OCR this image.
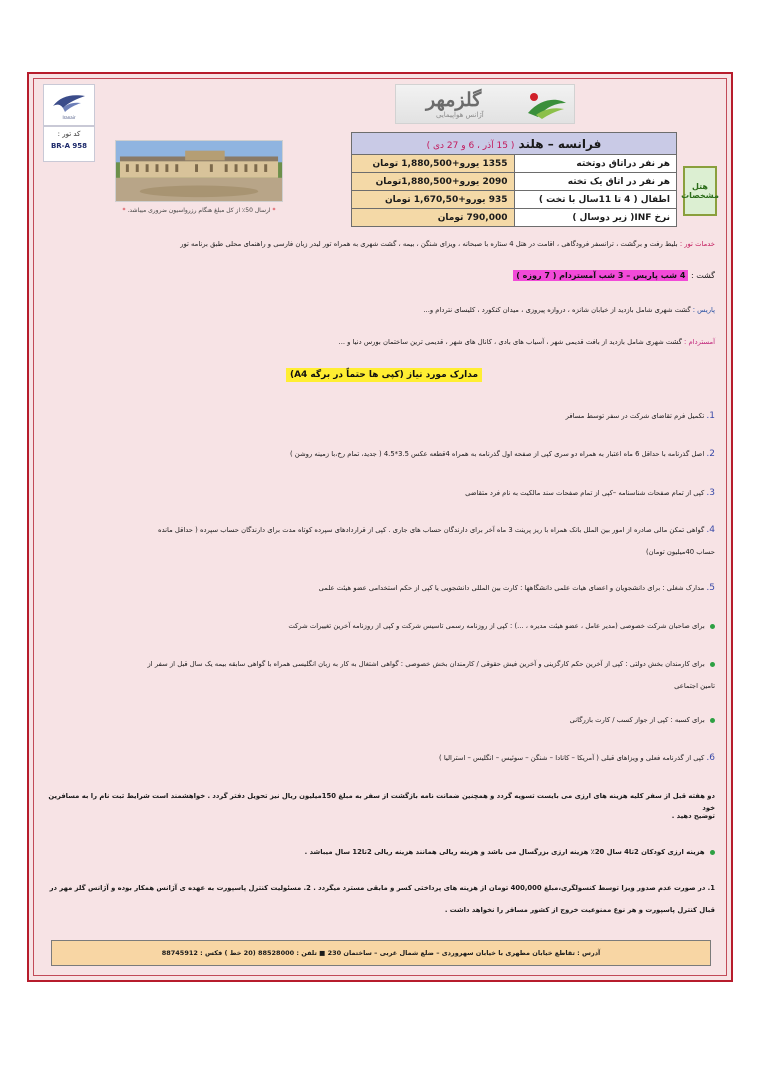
Iranair
کد تور :
BR-A 958
گلزمهر
آژانس هواپیمایی
* ارسال 50٪ از کل مبلغ هنگام رزرواسیون ضروری میباشد. *
فرانسه – هلند ( 15 آذر ، 6 و 27 دی )	
هر نفر دراتاق دوتخته	1355 یورو+1,880,500 تومان
هر نفر در اتاق یک تخته	2090 یورو+1,880,500تومان
اطفال ( 4 تا 11سال با تخت )	935 یورو+1,670,50 تومان
نرخ INF( زیر دوسال )	790,000 تومان
هتل
مشخصات
خدمات تور : بلیط رفت و برگشت ، ترانسفر فرودگاهی ، اقامت در هتل 4 ستاره با صبحانه ، ویزای شنگن ، بیمه ، گشت شهری به همراه تور لیدر زبان فارسی و راهنمای محلی طبق برنامه تور
گشت : 4 شب پاریس – 3 شب آمستردام ( 7 روزه )
پاریس : گشت شهری شامل بازدید از خیابان شانزه ، دروازه پیروزی ، میدان کنکورد ، کلیسای نتردام و...
آمستردام : گشت شهری شامل بازدید از بافت قدیمی شهر ، آسیاب های بادی ، کانال های شهر ، قدیمی ترین ساختمان بورس دنیا و ...
مدارک مورد نیاز (کپی ها حتماً در برگه A4)
1. تکمیل فرم تقاضای شرکت در سفر توسط مسافر
2. اصل گذرنامه با حداقل 6 ماه اعتبار به همراه دو سری کپی از صفحه اول گذرنامه به همراه 4قطعه عکس 3.5*4.5 ( جدید، تمام رخ،با زمینه روشن )
3. کپی از تمام صفحات شناسنامه –کپی از تمام صفحات سند مالکیت به نام فرد متقاضی
4. گواهی تمکن مالی صادره از امور بین الملل بانک همراه با ریز پرینت 3 ماه آخر برای دارندگان حساب های جاری . کپی از قراردادهای سپرده کوتاه مدت برای دارندگان حساب سپرده ( حداقل مانده
حساب 40میلیون تومان)
5. مدارک شغلی : برای دانشجویان و اعضای هیات علمی دانشگاهها : کارت بین المللی دانشجویی یا کپی از حکم استخدامی عضو هیئت علمی
برای صاحبان شرکت خصوصی (مدیر عامل ، عضو هیئت مدیره ، ...) : کپی از روزنامه رسمی تاسیس شرکت و کپی از روزنامه آخرین تغییرات شرکت
برای کارمندان بخش دولتی : کپی از آخرین حکم کارگزینی و آخرین فیش حقوقی / کارمندان بخش خصوصی : گواهی اشتغال به کار به زبان انگلیسی همراه با گواهی سابقه بیمه یک سال قبل از سفر از
تامین اجتماعی
برای کسبه : کپی از جواز کسب / کارت بازرگانی
6. کپی از گذرنامه فعلی و ویزاهای قبلی ( آمریکا – کانادا – شنگن – سوئیس – انگلیس – استرالیا )
دو هفته قبل از سفر کلیه هزینه های ارزی می بایست تسویه گردد و همچنین ضمانت نامه بازگشت از سفر به مبلغ 150میلیون ریال نیز تحویل دفتر گردد . خواهشمند است شرایط ثبت نام را به مسافرین خود
توضیح دهید .
هزینه ارزی کودکان 2تا4 سال 20٪ هزینه ارزی بزرگسال می باشد و هزینه ریالی همانند هزینه ریالی 2تا12 سال میباشد .
1. در صورت عدم صدور ویزا توسط کنسولگری،مبلغ 400,000 تومان از هزینه های پرداختی کسر و مابقی مسترد میگردد . 2. مسئولیت کنترل پاسپورت به عهده ی آژانس همکار بوده و آژانس گلز مهر در
قبال کنترل پاسپورت و هر نوع ممنوعیت خروج از کشور مسافر را نخواهد داشت .
آدرس : تقاطع خیابان مطهری با خیابان سهروردی – ضلع شمال غربی – ساختمان 230 ■ تلفن : 88528000 (20 خط ) فکس : 88745912
